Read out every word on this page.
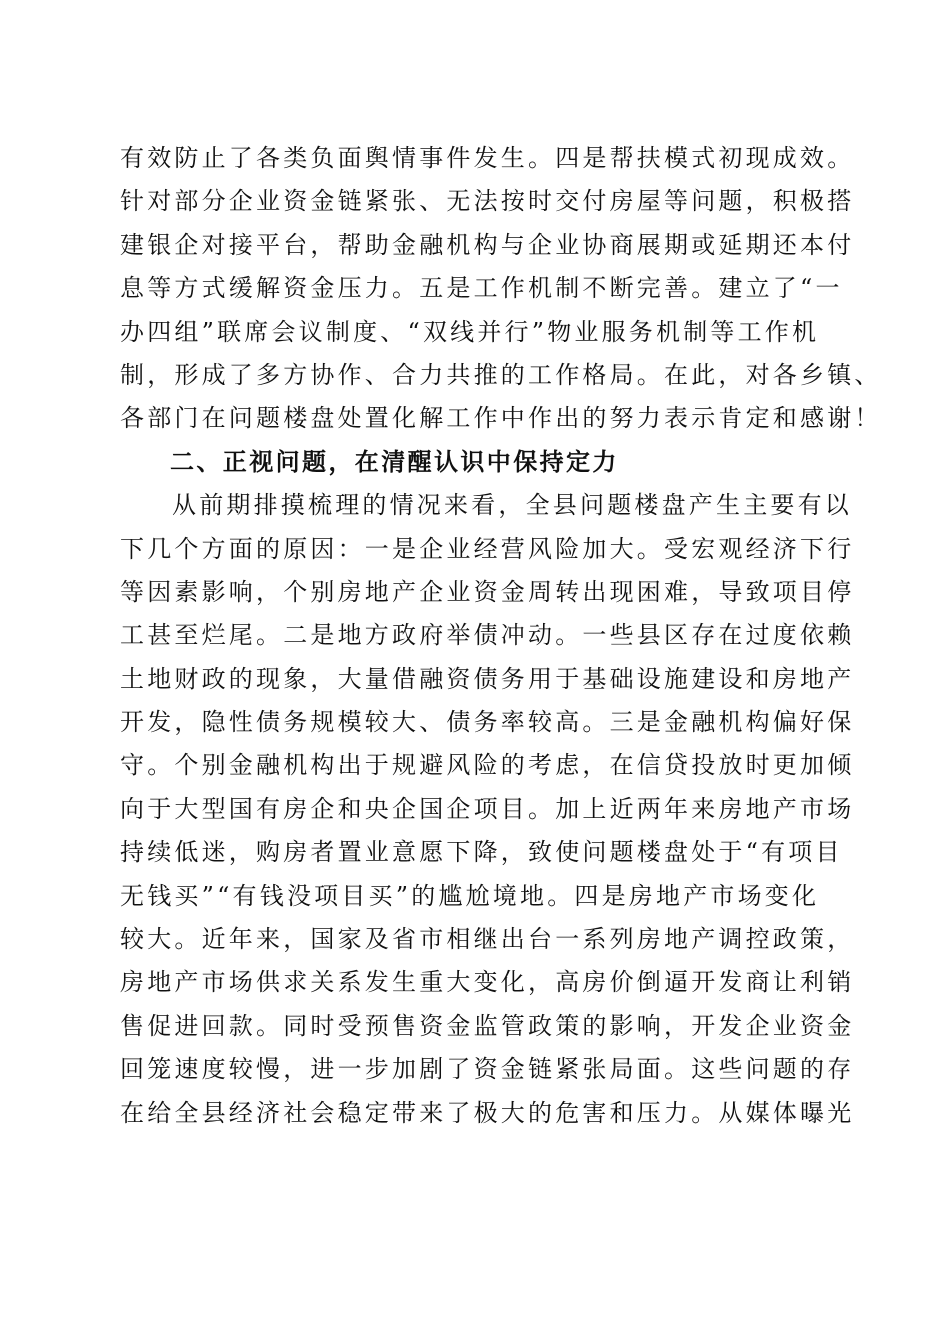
有效防止了各类负面舆情事件发生。四是帮扶模式初现成效。
针对部分企业资金链紧张、无法按时交付房屋等问题，积极搭
建银企对接平台，帮助金融机构与企业协商展期或延期还本付
息等方式缓解资金压力。五是工作机制不断完善。建立了“一
办四组”联席会议制度、“双线并行”物业服务机制等工作机
制，形成了多方协作、合力共推的工作格局。在此，对各乡镇、
各部门在问题楼盘处置化解工作中作出的努力表示肯定和感谢！
二、正视问题，在清醒认识中保持定力
从前期排摸梳理的情况来看，全县问题楼盘产生主要有以
下几个方面的原因：一是企业经营风险加大。受宏观经济下行
等因素影响，个别房地产企业资金周转出现困难，导致项目停
工甚至烂尾。二是地方政府举债冲动。一些县区存在过度依赖
土地财政的现象，大量借融资债务用于基础设施建设和房地产
开发，隐性债务规模较大、债务率较高。三是金融机构偏好保
守。个别金融机构出于规避风险的考虑，在信贷投放时更加倾
向于大型国有房企和央企国企项目。加上近两年来房地产市场
持续低迷，购房者置业意愿下降，致使问题楼盘处于“有项目
无钱买”“有钱没项目买”的尴尬境地。四是房地产市场变化
较大。近年来，国家及省市相继出台一系列房地产调控政策，
房地产市场供求关系发生重大变化，高房价倒逼开发商让利销
售促进回款。同时受预售资金监管政策的影响，开发企业资金
回笼速度较慢，进一步加剧了资金链紧张局面。这些问题的存
在给全县经济社会稳定带来了极大的危害和压力。从媒体曝光
